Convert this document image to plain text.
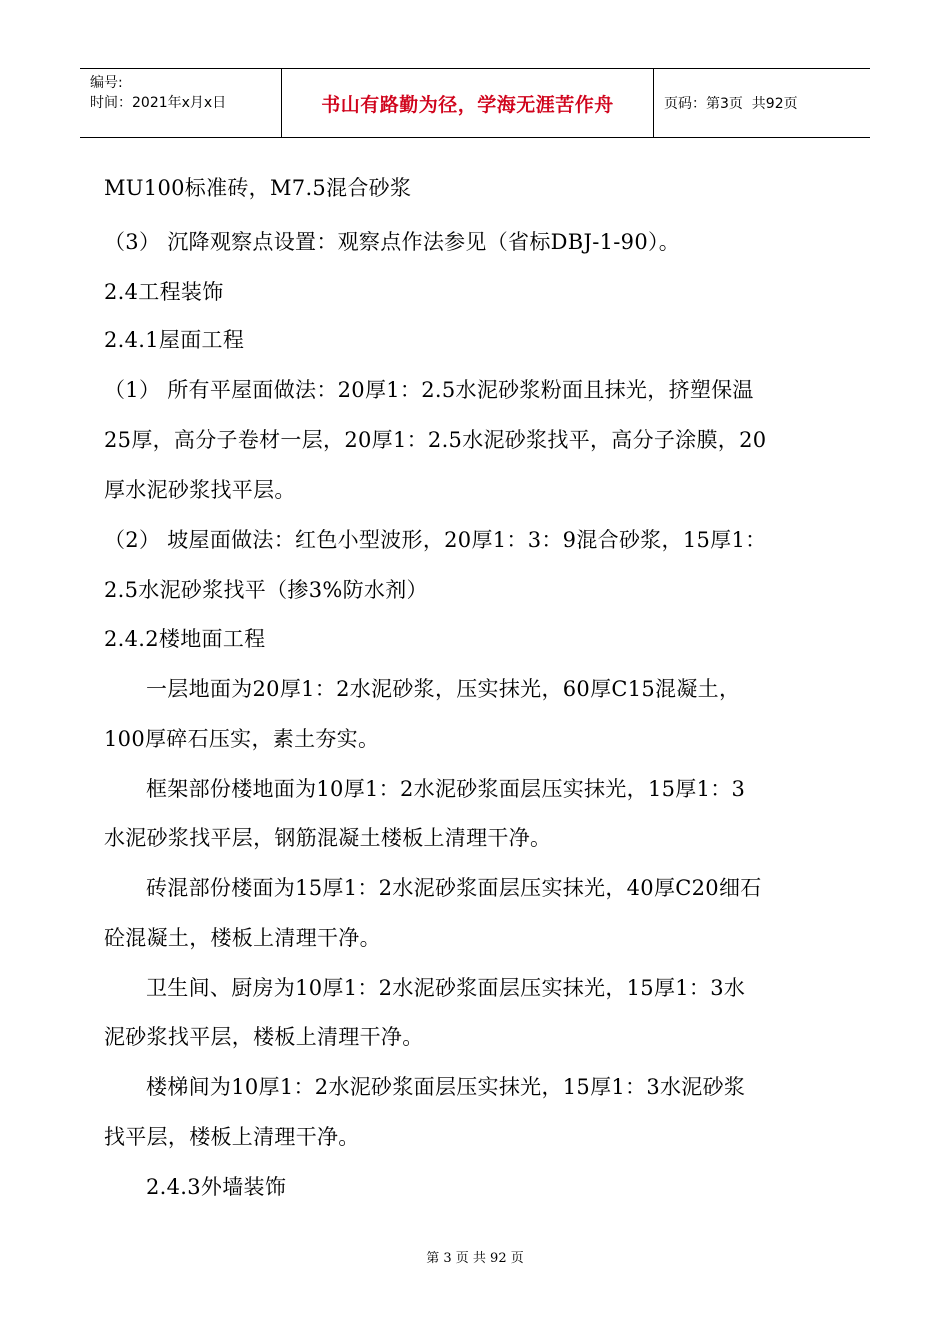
编号:
时间：2021年x月x日	书山有路勤为径，学海无涯苦作舟	页码：第3页  共92页
MU100标准砖，M7.5混合砂浆
（3） 沉降观察点设置：观察点作法参见（省标DBJ-1-90）。
2.4工程装饰
2.4.1屋面工程
（1） 所有平屋面做法：20厚1：2.5水泥砂浆粉面且抹光，挤塑保温
25厚，高分子卷材一层，20厚1：2.5水泥砂浆找平，高分子涂膜，20
厚水泥砂浆找平层。
（2） 坡屋面做法：红色小型波形，20厚1：3：9混合砂浆，15厚1：
2.5水泥砂浆找平（掺3%防水剂）
2.4.2楼地面工程
一层地面为20厚1：2水泥砂浆，压实抹光，60厚C15混凝土，
100厚碎石压实，素土夯实。
框架部份楼地面为10厚1：2水泥砂浆面层压实抹光，15厚1：3
水泥砂浆找平层，钢筋混凝土楼板上清理干净。
砖混部份楼面为15厚1：2水泥砂浆面层压实抹光，40厚C20细石
砼混凝土，楼板上清理干净。
卫生间、厨房为10厚1：2水泥砂浆面层压实抹光，15厚1：3水
泥砂浆找平层，楼板上清理干净。
楼梯间为10厚1：2水泥砂浆面层压实抹光，15厚1：3水泥砂浆
找平层，楼板上清理干净。
2.4.3外墙装饰
第 3 页 共 92 页
